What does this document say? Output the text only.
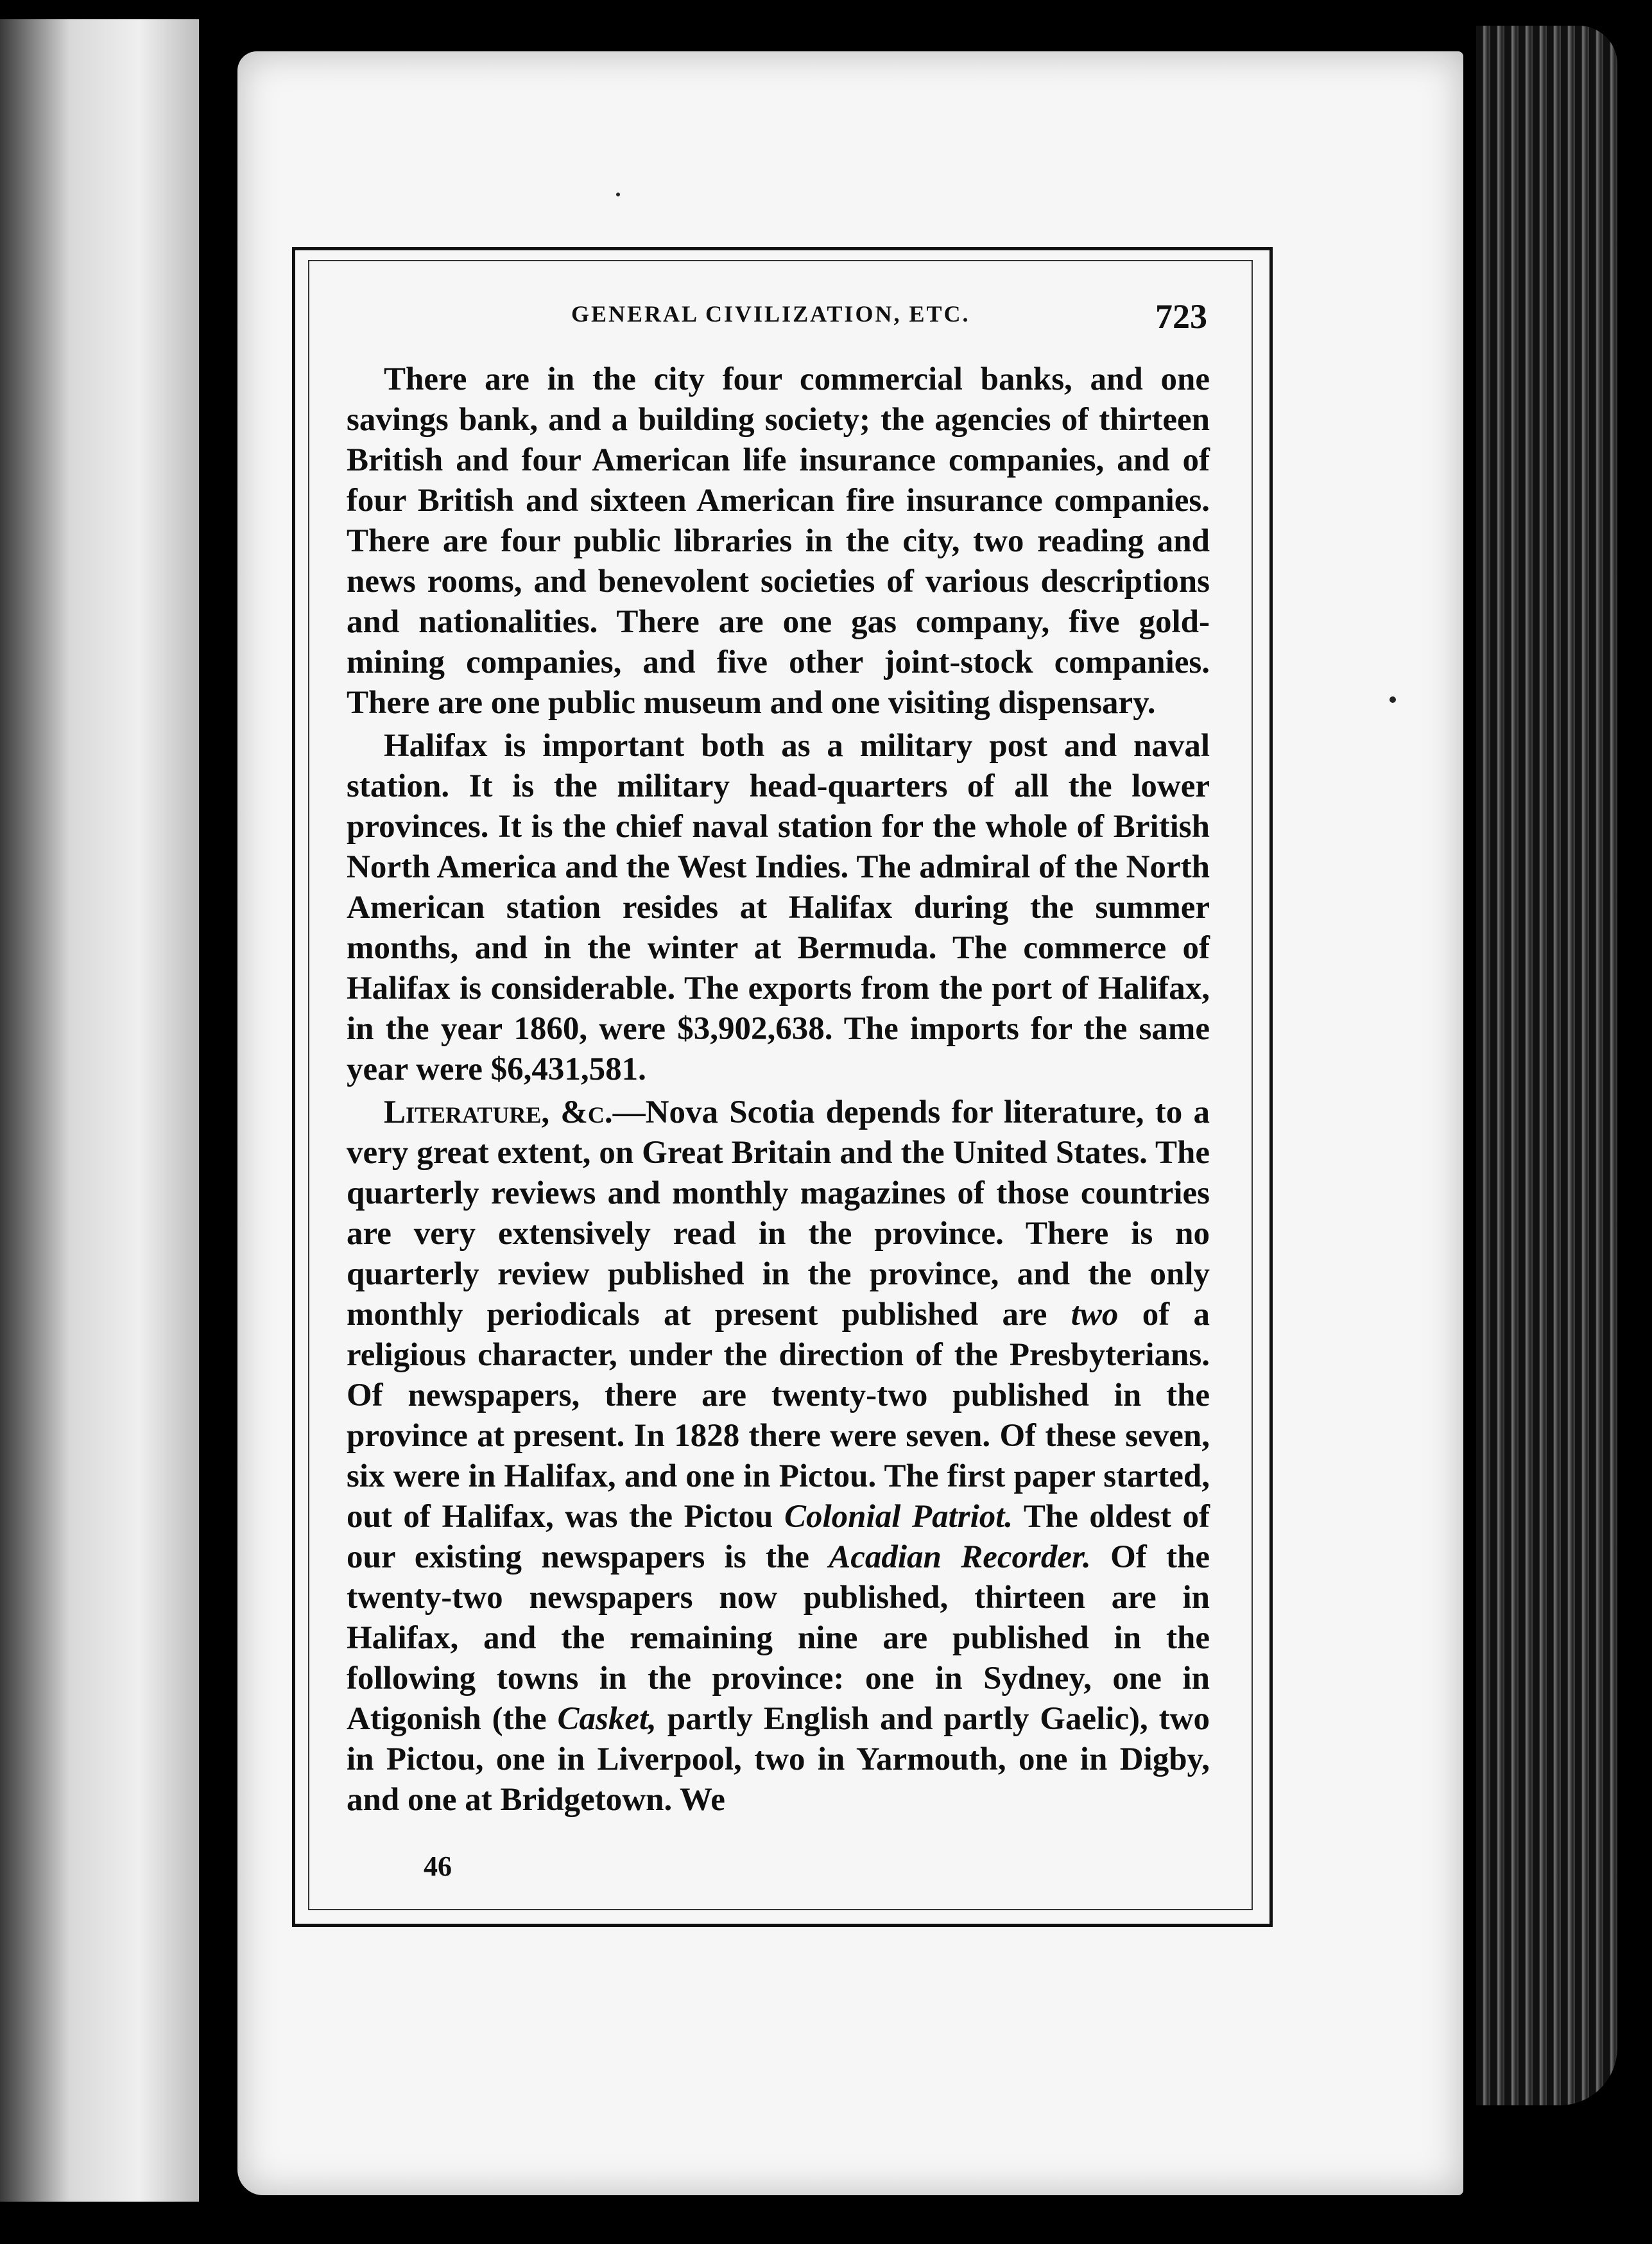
GENERAL CIVILIZATION, ETC.	723

There are in the city four commercial banks, and one savings bank, and a building society; the agencies of thirteen British and four American life insurance companies, and of four British and sixteen American fire insurance companies. There are four public libraries in the city, two reading and news rooms, and benevolent societies of various descriptions and nationalities. There are one gas company, five gold-mining companies, and five other joint-stock companies. There are one public museum and one visiting dispensary.

Halifax is important both as a military post and naval station. It is the military head-quarters of all the lower provinces. It is the chief naval station for the whole of British North America and the West Indies. The admiral of the North American station resides at Halifax during the summer months, and in the winter at Bermuda. The commerce of Halifax is considerable. The exports from the port of Halifax, in the year 1860, were $3,902,638. The imports for the same year were $6,431,581.

Literature, &c.—Nova Scotia depends for literature, to a very great extent, on Great Britain and the United States. The quarterly reviews and monthly magazines of those countries are very extensively read in the province. There is no quarterly review published in the province, and the only monthly periodicals at present published are two of a religious character, under the direction of the Presbyterians. Of newspapers, there are twenty-two published in the province at present. In 1828 there were seven. Of these seven, six were in Halifax, and one in Pictou. The first paper started, out of Halifax, was the Pictou Colonial Patriot. The oldest of our existing newspapers is the Acadian Recorder. Of the twenty-two newspapers now published, thirteen are in Halifax, and the remaining nine are published in the following towns in the province: one in Sydney, one in Atigonish (the Casket, partly English and partly Gaelic), two in Pictou, one in Liverpool, two in Yarmouth, one in Digby, and one at Bridgetown. We

46
